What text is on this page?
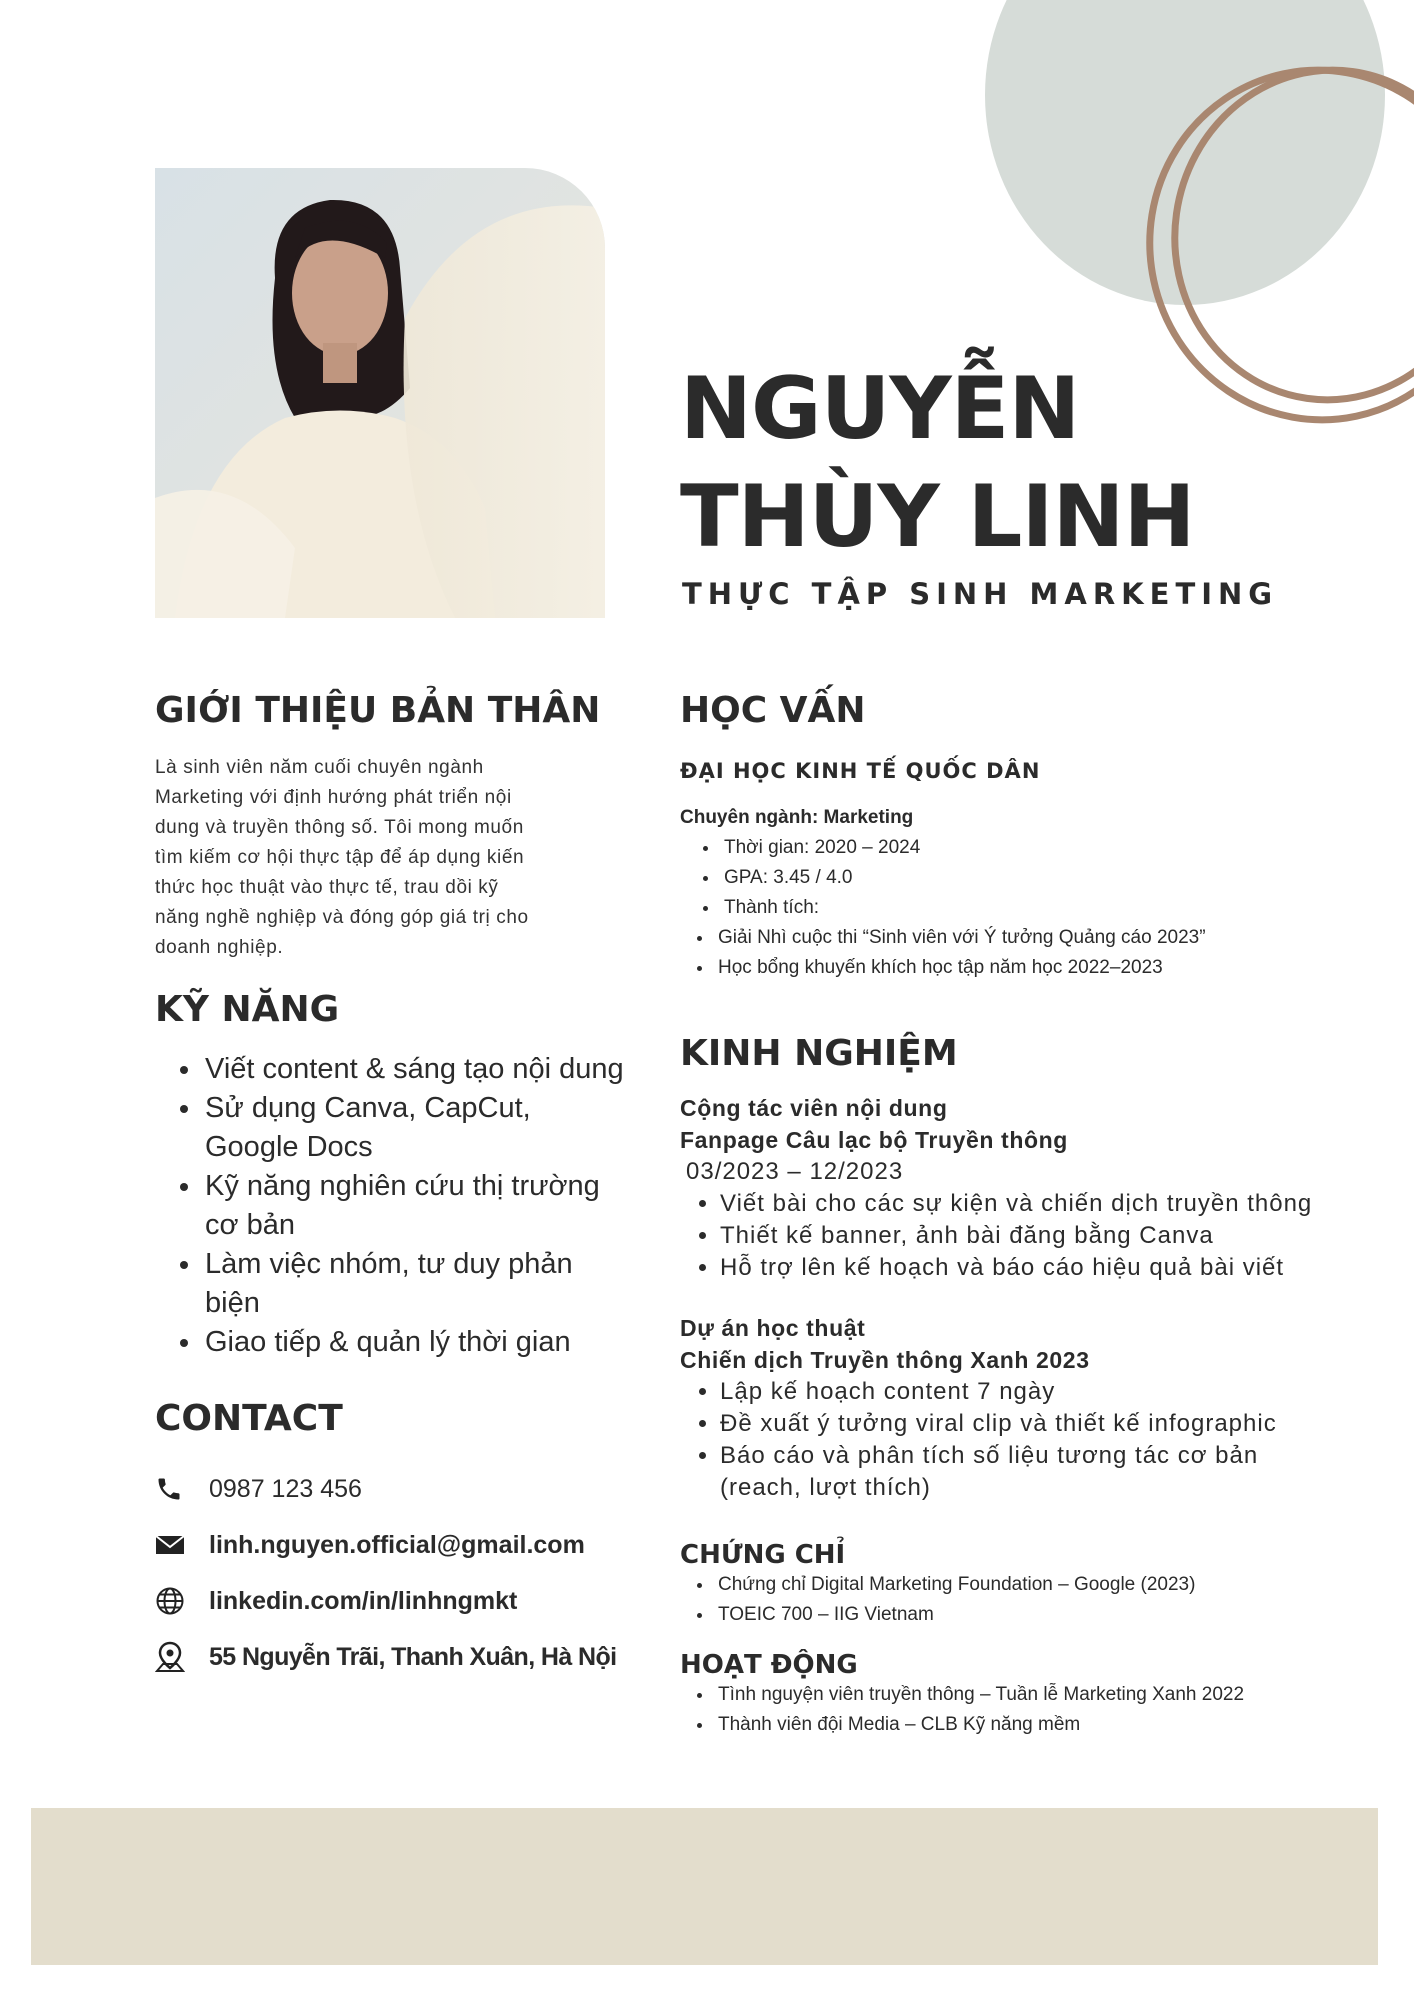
NGUYỄN
THÙY LINH
THỰC TẬP SINH MARKETING
GIỚI THIỆU BẢN THÂN

Là sinh viên năm cuối chuyên ngành
Marketing với định hướng phát triển nội
dung và truyền thông số. Tôi mong muốn
tìm kiếm cơ hội thực tập để áp dụng kiến
thức học thuật vào thực tế, trau dồi kỹ
năng nghề nghiệp và đóng góp giá trị cho
doanh nghiệp.

KỸ NĂNG
• Viết content & sáng tạo nội dung
• Sử dụng Canva, CapCut, Google Docs
• Kỹ năng nghiên cứu thị trường cơ bản
• Làm việc nhóm, tư duy phản biện
• Giao tiếp & quản lý thời gian
CONTACT
0987 123 456
linh.nguyen.official@gmail.com
linkedin.com/in/linhngmkt
55 Nguyễn Trãi, Thanh Xuân, Hà Nội
HỌC VẤN
ĐẠI HỌC KINH TẾ QUỐC DÂN
Chuyên ngành: Marketing
• Thời gian: 2020 – 2024
• GPA: 3.45 / 4.0
• Thành tích:
• Giải Nhì cuộc thi “Sinh viên với Ý tưởng Quảng cáo 2023”
• Học bổng khuyến khích học tập năm học 2022–2023
KINH NGHIỆM
Cộng tác viên nội dung
Fanpage Câu lạc bộ Truyền thông
03/2023 – 12/2023
• Viết bài cho các sự kiện và chiến dịch truyền thông
• Thiết kế banner, ảnh bài đăng bằng Canva
• Hỗ trợ lên kế hoạch và báo cáo hiệu quả bài viết
Dự án học thuật
Chiến dịch Truyền thông Xanh 2023
• Lập kế hoạch content 7 ngày
• Đề xuất ý tưởng viral clip và thiết kế infographic
• Báo cáo và phân tích số liệu tương tác cơ bản (reach, lượt thích)
CHỨNG CHỈ
• Chứng chỉ Digital Marketing Foundation – Google (2023)
• TOEIC 700 – IIG Vietnam
HOẠT ĐỘNG
• Tình nguyện viên truyền thông – Tuần lễ Marketing Xanh 2022
• Thành viên đội Media – CLB Kỹ năng mềm
